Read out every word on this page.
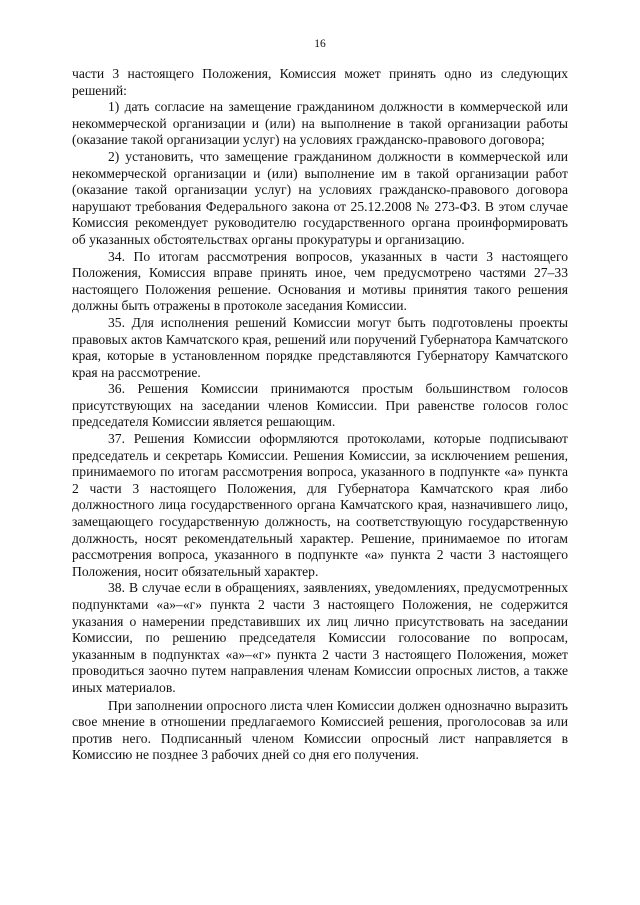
16

части 3 настоящего Положения, Комиссия может принять одно из следующих решений:

1) дать согласие на замещение гражданином должности в коммерческой или некоммерческой организации и (или) на выполнение в такой организации работы (оказание такой организации услуг) на условиях гражданско-правового договора;

2) установить, что замещение гражданином должности в коммерческой или некоммерческой организации и (или) выполнение им в такой организации работ (оказание такой организации услуг) на условиях гражданско-правового договора нарушают требования Федерального закона от 25.12.2008 № 273-ФЗ. В этом случае Комиссия рекомендует руководителю государственного органа проинформировать об указанных обстоятельствах органы прокуратуры и организацию.

34. По итогам рассмотрения вопросов, указанных в части 3 настоящего Положения, Комиссия вправе принять иное, чем предусмотрено частями 27–33 настоящего Положения решение. Основания и мотивы принятия такого решения должны быть отражены в протоколе заседания Комиссии.

35. Для исполнения решений Комиссии могут быть подготовлены проекты правовых актов Камчатского края, решений или поручений Губернатора Камчатского края, которые в установленном порядке представляются Губернатору Камчатского края на рассмотрение.

36. Решения Комиссии принимаются простым большинством голосов присутствующих на заседании членов Комиссии. При равенстве голосов голос председателя Комиссии является решающим.

37. Решения Комиссии оформляются протоколами, которые подписывают председатель и секретарь Комиссии. Решения Комиссии, за исключением решения, принимаемого по итогам рассмотрения вопроса, указанного в подпункте «а» пункта 2 части 3 настоящего Положения, для Губернатора Камчатского края либо должностного лица государственного органа Камчатского края, назначившего лицо, замещающего государственную должность, на соответствующую государственную должность, носят рекомендательный характер. Решение, принимаемое по итогам рассмотрения вопроса, указанного в подпункте «а» пункта 2 части 3 настоящего Положения, носит обязательный характер.

38. В случае если в обращениях, заявлениях, уведомлениях, предусмотренных подпунктами «а»–«г» пункта 2 части 3 настоящего Положения, не содержится указания о намерении представивших их лиц лично присутствовать на заседании Комиссии, по решению председателя Комиссии голосование по вопросам, указанным в подпунктах «а»–«г» пункта 2 части 3 настоящего Положения, может проводиться заочно путем направления членам Комиссии опросных листов, а также иных материалов.

При заполнении опросного листа член Комиссии должен однозначно выразить свое мнение в отношении предлагаемого Комиссией решения, проголосовав за или против него. Подписанный членом Комиссии опросный лист направляется в Комиссию не позднее 3 рабочих дней со дня его получения.
